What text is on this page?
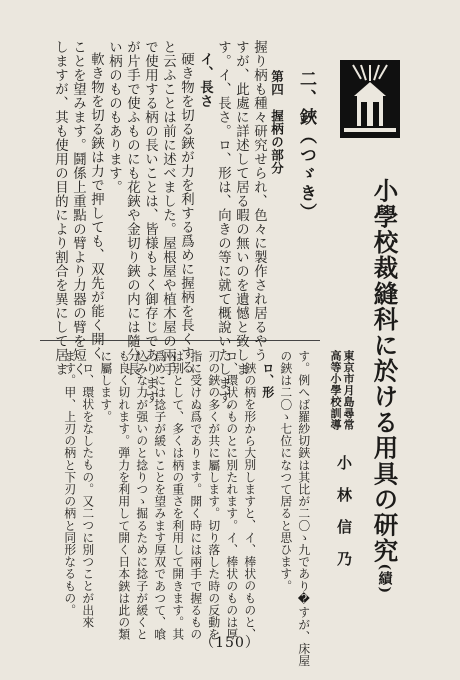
小學校裁縫科に於ける用具の研究(績)
東京市月島尋常
高等小學校訓導
小　林　信　乃
二、鋏（つゞき）
第四　握柄の部分
握り柄も種々研究せられ、色々に製作され居るやう
すが、此處に詳述して居る暇の無いのを遺憾と致しま
す。イ、長さ。ロ、形は、向きの等に就て概說いたします。
イ、長さ
硬き物を切る鋏が力を利する爲めに握柄を長くする
と云ふことは前に述べました。屋根屋や植木屋の兩手
で使用する柄の長いことは、皆様もよく御存じであります
が片手で使ふものにも花鋏や金切り鋏の内には隨分長
い柄のものもあります。
軟き物を切る鋏は力で押しても、双先が能く開く
ことを望みます。鬪係上重點の臂より力器の臂を短く
しますが、其も使用の目的により割合を異にして居ま
す。例へば羅紗切鋏は其比が二〇ゝ九であり�すが、床屋
の鋏は二〇ゝ七位になつて居ると思ひます。
ロ、形
鋏の柄を形から大別しますと、イ、棒状のものと、
ロ、環状のものとに別たれます。イ、棒状のものは厚
刃の鋏の多くが共に屬します。切り落した時の反動を
指に受けぬ爲であります。開く時には兩手で握るもの
は別として、多くは柄の重さを利用して開きます。其
爲めには捻子が緩いことを望みます厚双であつて、喰
込みな力が强いのと捻りつゝ掘るために捻子が緩くと
も良く切れます。弾力を利用して開く日本鋏は此の類
に屬します。
ロ、環状をなしたもの。又二つに別つことが出來
ます。甲、上刃の柄と下刃の柄と同形なるもの。
（150）
